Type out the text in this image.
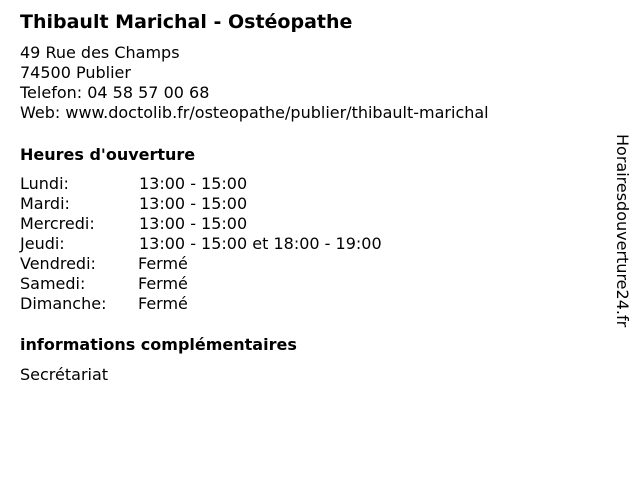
Thibault Marichal - Ostéopathe
49 Rue des Champs
74500 Publier
Telefon: 04 58 57 00 68
Web: www.doctolib.fr/osteopathe/publier/thibault-marichal
Heures d'ouverture
Lundi:	13:00 - 15:00
Mardi:	13:00 - 15:00
Mercredi:	13:00 - 15:00
Jeudi:	13:00 - 15:00 et 18:00 - 19:00
Vendredi:	Fermé
Samedi:	Fermé
Dimanche: Fermé
informations complémentaires
Secrétariat
Horairesdouverture24.fr
